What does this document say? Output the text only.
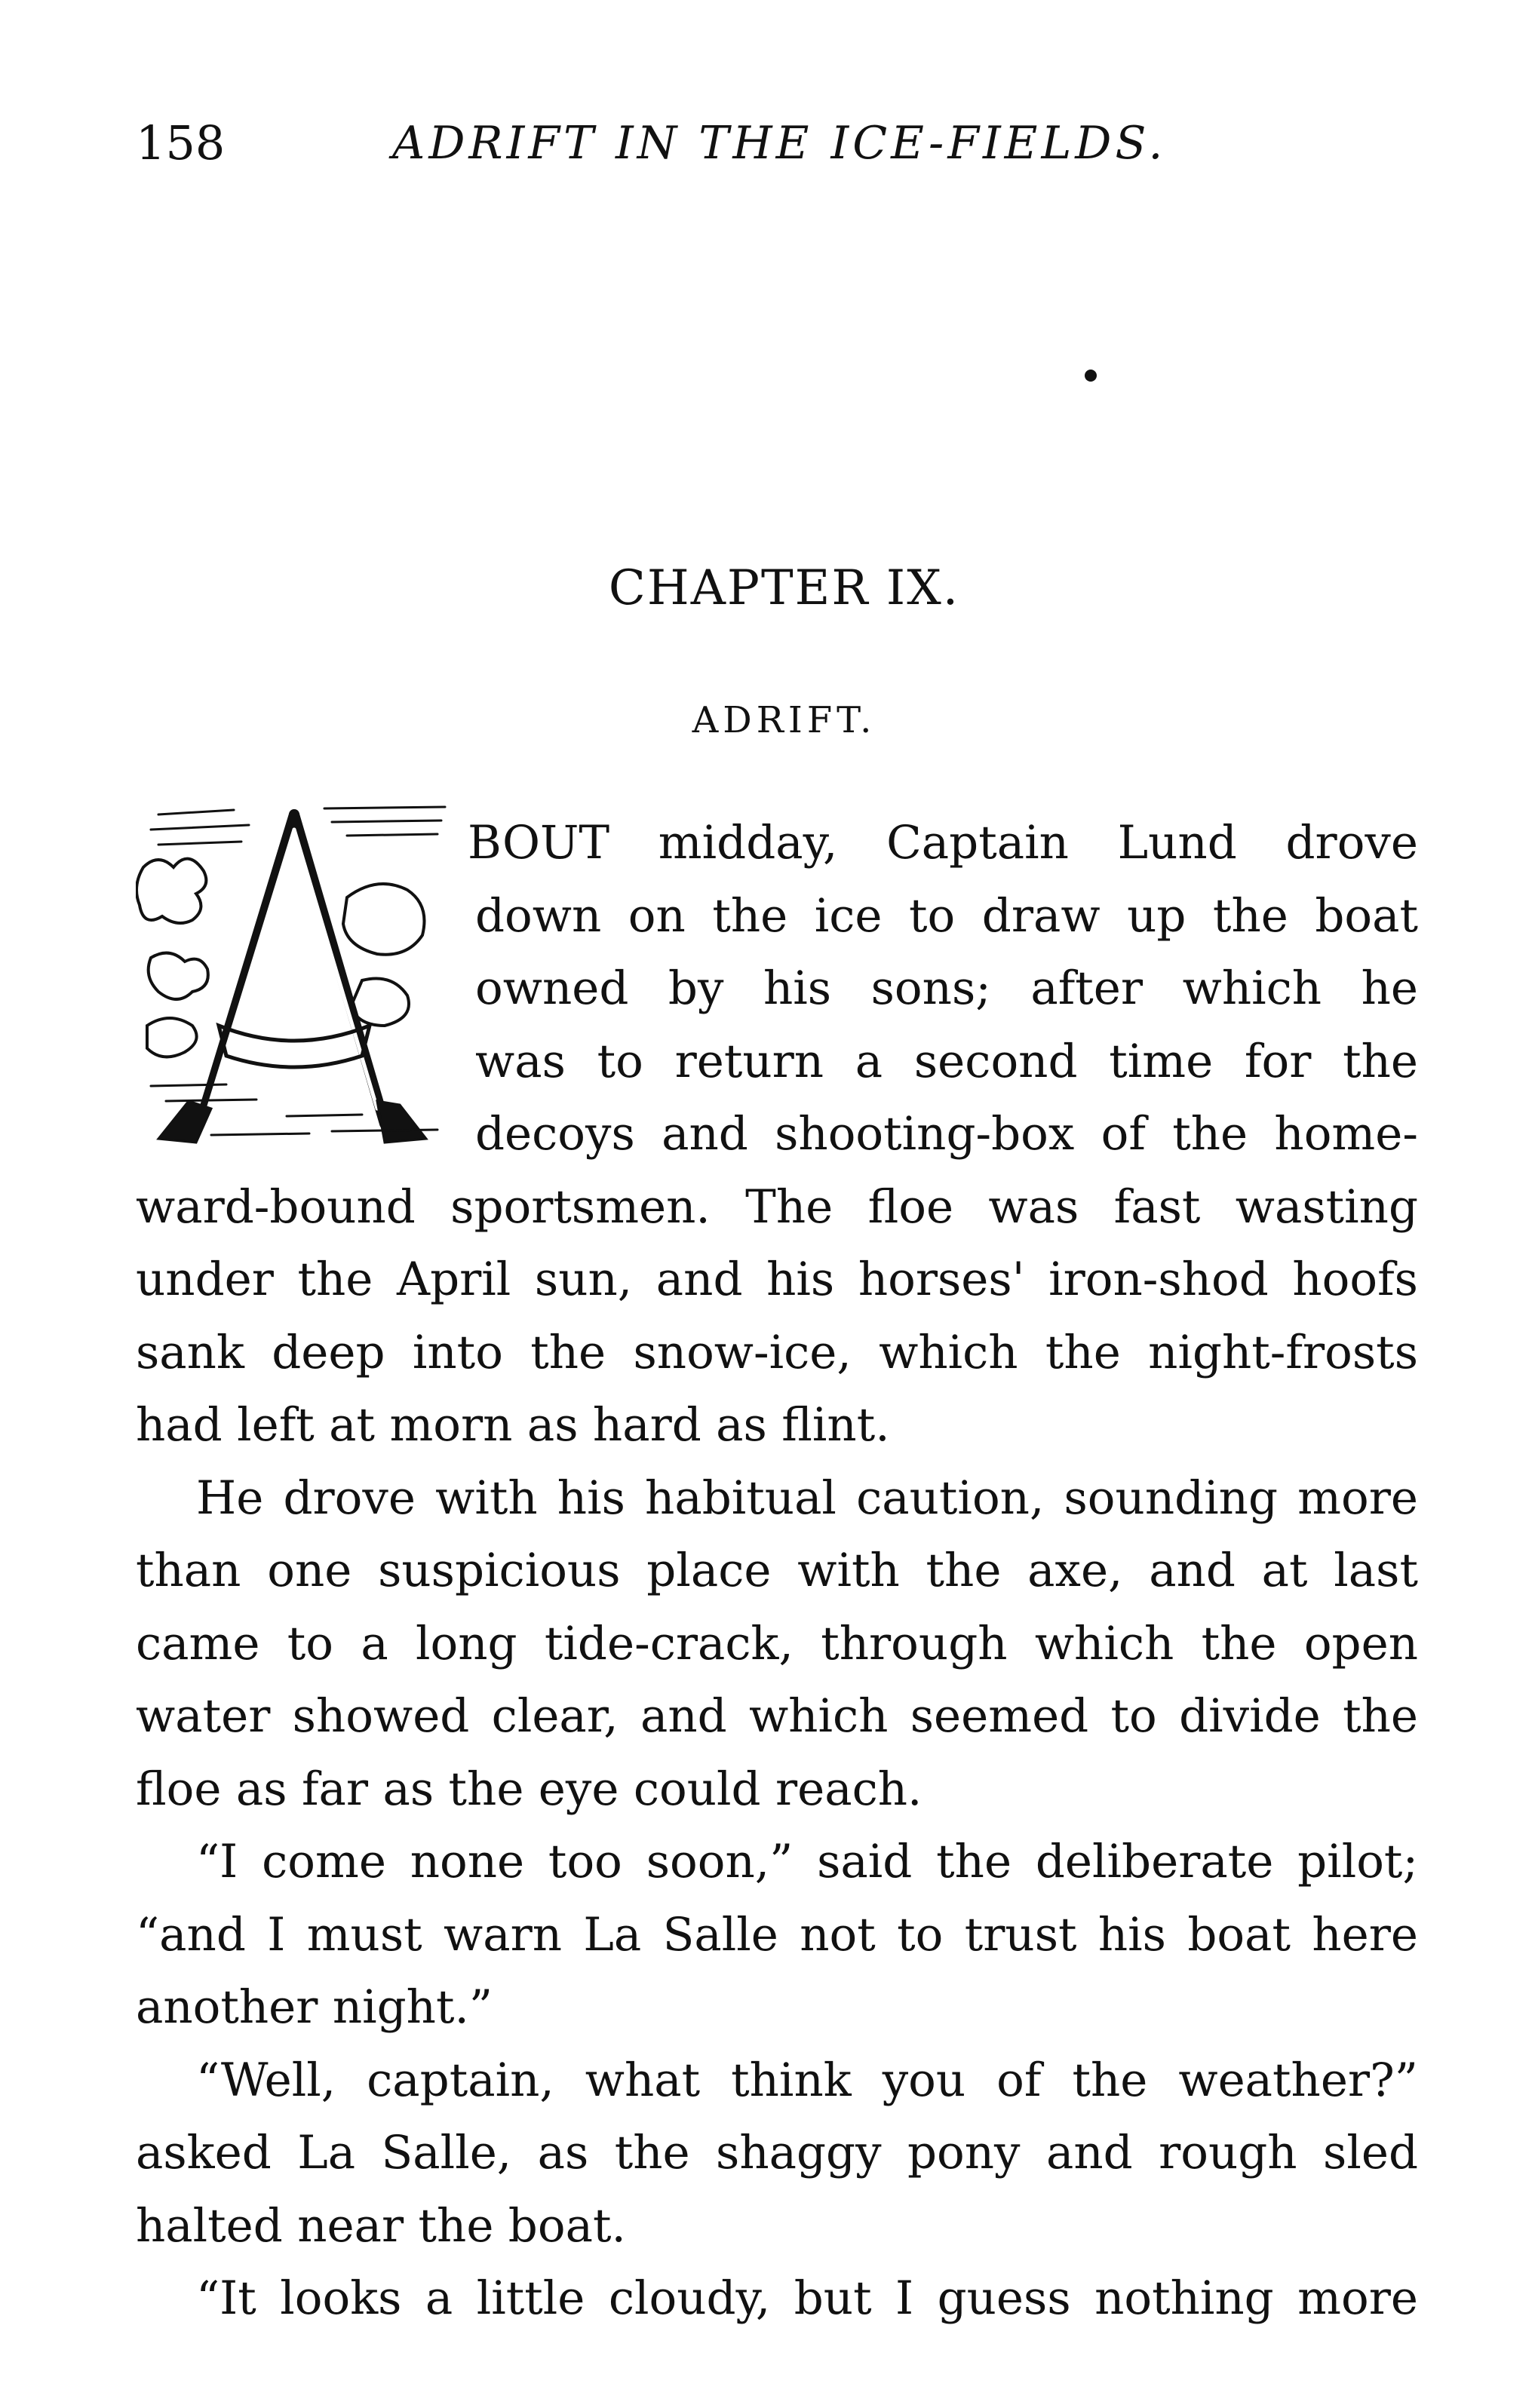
158	ADRIFT IN THE ICE-FIELDS.
CHAPTER IX.
ADRIFT.
BOUT midday, Captain Lund drove
down on the ice to draw up the boat
owned by his sons; after which he
was to return a second time for the
decoys and shooting-box of the home-
ward-bound sportsmen. The floe was fast wasting
under the April sun, and his horses' iron-shod hoofs
sank deep into the snow-ice, which the night-frosts
had left at morn as hard as flint.
He drove with his habitual caution, sounding more
than one suspicious place with the axe, and at last
came to a long tide-crack, through which the open
water showed clear, and which seemed to divide the
floe as far as the eye could reach.
“I come none too soon,” said the deliberate pilot;
“and I must warn La Salle not to trust his boat here
another night.”
“Well, captain, what think you of the weather?”
asked La Salle, as the shaggy pony and rough sled
halted near the boat.
“It looks a little cloudy, but I guess nothing more
